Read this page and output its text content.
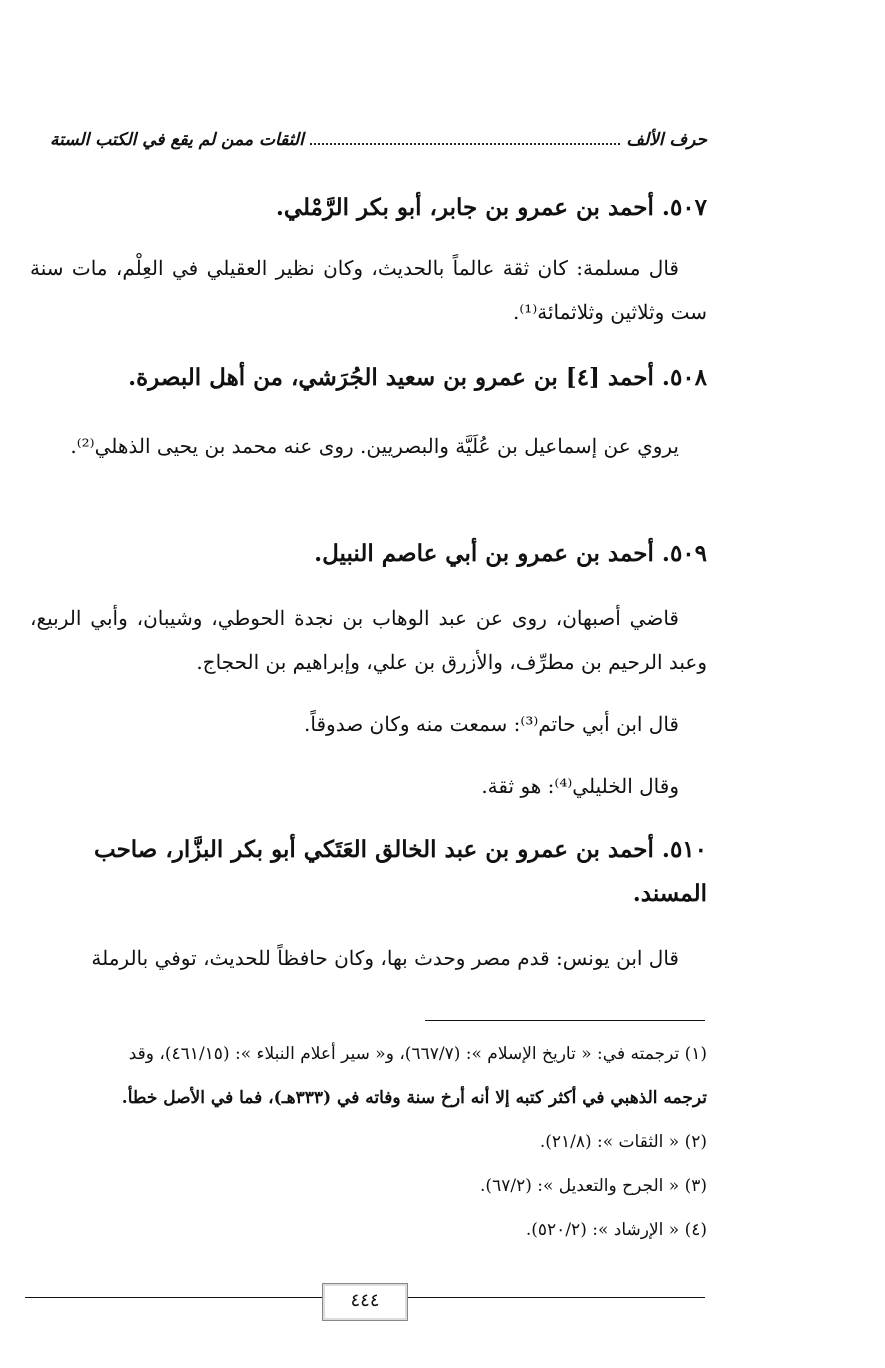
حرف الألف
الثقات ممن لم يقع في الكتب الستة
٥٠٧. أحمد بن عمرو بن جابر، أبو بكر الرَّمْلي.
قال مسلمة: كان ثقة عالماً بالحديث، وكان نظير العقيلي في العِلْم، مات سنة ست وثلاثين وثلاثمائة⁽¹⁾.
٥٠٨. أحمد [٤] بن عمرو بن سعيد الجُرَشي، من أهل البصرة.
يروي عن إسماعيل بن عُلَيَّة والبصريين. روى عنه محمد بن يحيى الذهلي⁽²⁾.
٥٠٩. أحمد بن عمرو بن أبي عاصم النبيل.
قاضي أصبهان، روى عن عبد الوهاب بن نجدة الحوطي، وشيبان، وأبي الربيع، وعبد الرحيم بن مطرِّف، والأزرق بن علي، وإبراهيم بن الحجاج.
قال ابن أبي حاتم⁽³⁾: سمعت منه وكان صدوقاً.
وقال الخليلي⁽⁴⁾: هو ثقة.
٥١٠. أحمد بن عمرو بن عبد الخالق العَتَكي أبو بكر البزَّار، صاحب المسند.
قال ابن يونس: قدم مصر وحدث بها، وكان حافظاً للحديث، توفي بالرملة
(١) ترجمته في: « تاريخ الإسلام »: (٦٦٧/٧)، و« سير أعلام النبلاء »: (٤٦١/١٥)، وقد
ترجمه الذهبي في أكثر كتبه إلا أنه أرخ سنة وفاته في (٣٣٣هـ)، فما في الأصل خطأ.
(٢) « الثقات »: (٢١/٨).
(٣) « الجرح والتعديل »: (٦٧/٢).
(٤) « الإرشاد »: (٥٢٠/٢).
٤٤٤
